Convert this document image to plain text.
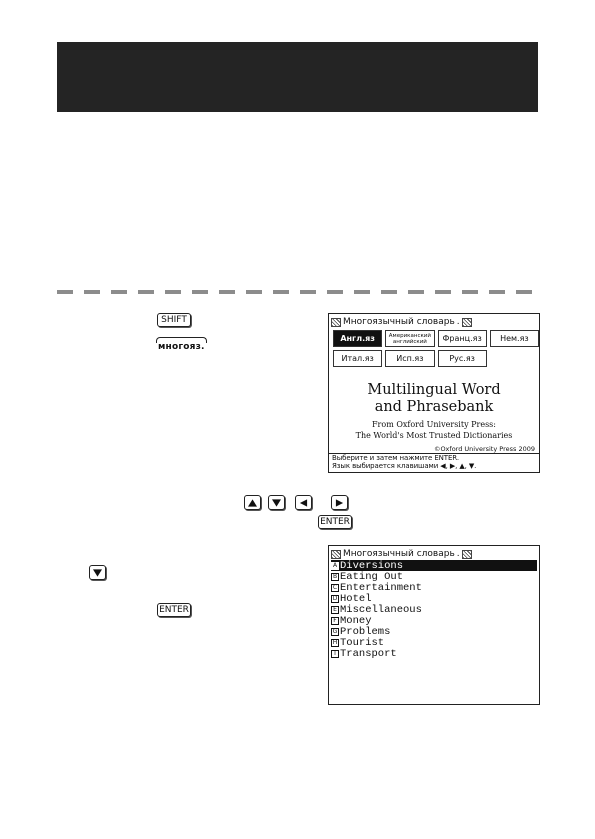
SHIFT
многояз.
Многоязычный словарь .
Англ.яз	Американский английский	Франц.яз	Нем.яз
Итал.яз	Исп.яз	Рус.яз
Multilingual Word
and Phrasebank
From Oxford University Press:
The World's Most Trusted Dictionaries
©Oxford University Press 2009
Выберите и затем нажмите ENTER.
Язык выбирается клавишами ◀, ▶, ▲, ▼.
ENTER
ENTER
Многоязычный словарь .
A Diversions
B Eating Out
C Entertainment
D Hotel
E Miscellaneous
F Money
G Problems
H Tourist
I Transport
